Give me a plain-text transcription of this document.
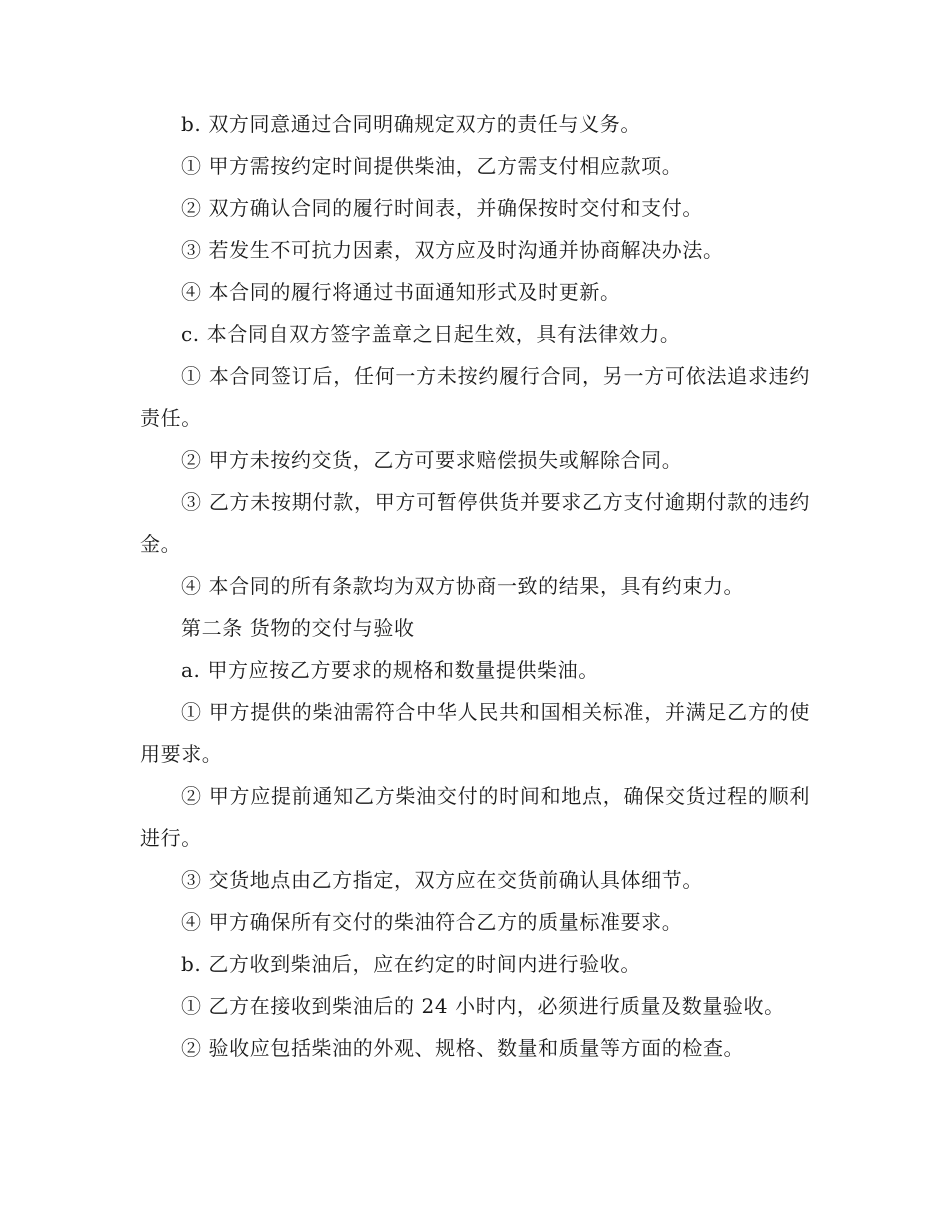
b. 双方同意通过合同明确规定双方的责任与义务。

① 甲方需按约定时间提供柴油，乙方需支付相应款项。

② 双方确认合同的履行时间表，并确保按时交付和支付。

③ 若发生不可抗力因素，双方应及时沟通并协商解决办法。

④ 本合同的履行将通过书面通知形式及时更新。

c. 本合同自双方签字盖章之日起生效，具有法律效力。

① 本合同签订后，任何一方未按约履行合同，另一方可依法追求违约责任。

② 甲方未按约交货，乙方可要求赔偿损失或解除合同。

③ 乙方未按期付款，甲方可暂停供货并要求乙方支付逾期付款的违约金。

④ 本合同的所有条款均为双方协商一致的结果，具有约束力。

第二条 货物的交付与验收

a. 甲方应按乙方要求的规格和数量提供柴油。

① 甲方提供的柴油需符合中华人民共和国相关标准，并满足乙方的使用要求。

② 甲方应提前通知乙方柴油交付的时间和地点，确保交货过程的顺利进行。

③ 交货地点由乙方指定，双方应在交货前确认具体细节。

④ 甲方确保所有交付的柴油符合乙方的质量标准要求。

b. 乙方收到柴油后，应在约定的时间内进行验收。

① 乙方在接收到柴油后的 24 小时内，必须进行质量及数量验收。

② 验收应包括柴油的外观、规格、数量和质量等方面的检查。
